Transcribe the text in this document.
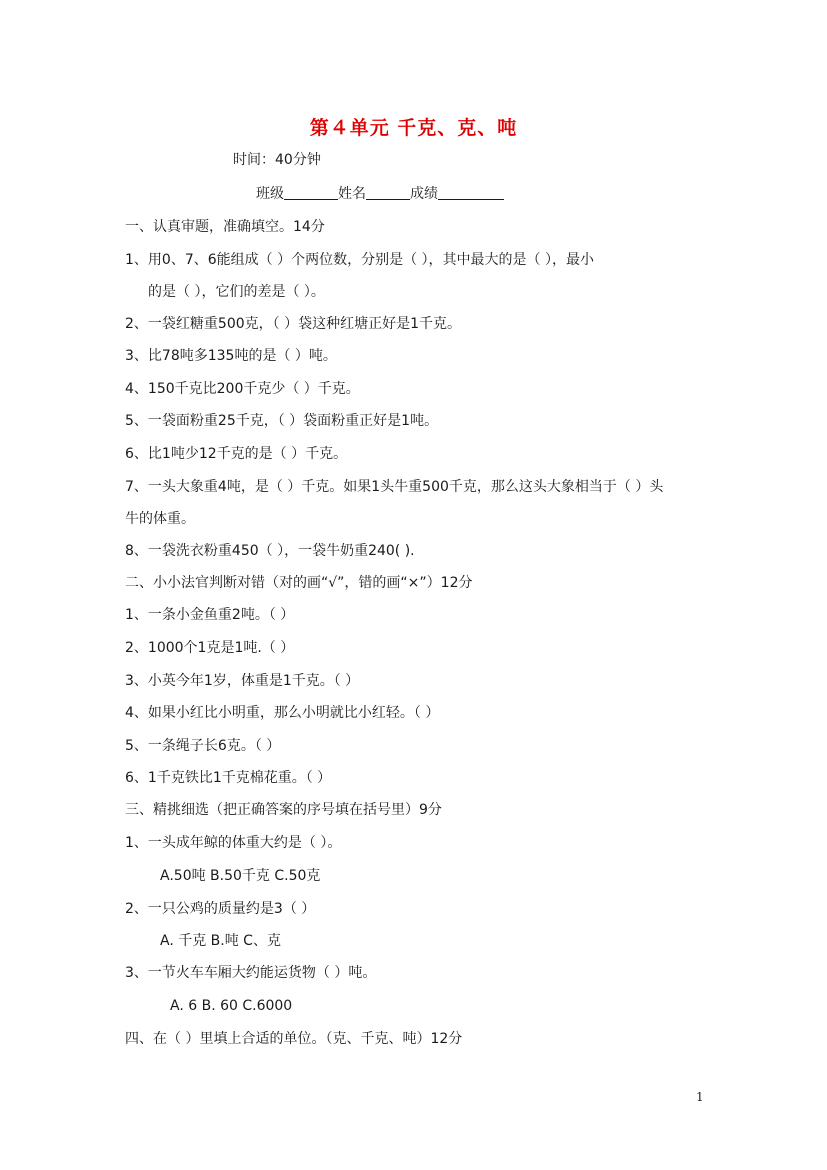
第４单元 千克、克、吨
时间：40分钟
班级	姓名	成绩
一、认真审题，准确填空。14分
1、用0、7、6能组成（ ）个两位数，分别是（ ），其中最大的是（ ），最小
的是（ ），它们的差是（ ）。
2、一袋红糖重500克，（ ）袋这种红塘正好是1千克。
3、比78吨多135吨的是（ ）吨。
4、150千克比200千克少（ ）千克。
5、一袋面粉重25千克，（ ）袋面粉重正好是1吨。
6、比1吨少12千克的是（ ）千克。
7、一头大象重4吨，是（ ）千克。如果1头牛重500千克，那么这头大象相当于（ ）头
牛的体重。
8、一袋洗衣粉重450（ ），一袋牛奶重240( ).
二、小小法官判断对错（对的画“√”，错的画“×”）12分
1、一条小金鱼重2吨。（ ）
2、1000个1克是1吨.（ ）
3、小英今年1岁，体重是1千克。（ ）
4、如果小红比小明重，那么小明就比小红轻。（ ）
5、一条绳子长6克。（ ）
6、1千克铁比1千克棉花重。（ ）
三、精挑细选（把正确答案的序号填在括号里）9分
1、一头成年鲸的体重大约是（ ）。
A.50吨 B.50千克 C.50克
2、一只公鸡的质量约是3（ ）
A. 千克 B.吨 C、克
3、一节火车车厢大约能运货物（ ）吨。
A. 6 B. 60 C.6000
四、在（ ）里填上合适的单位。（克、千克、吨）12分
1
